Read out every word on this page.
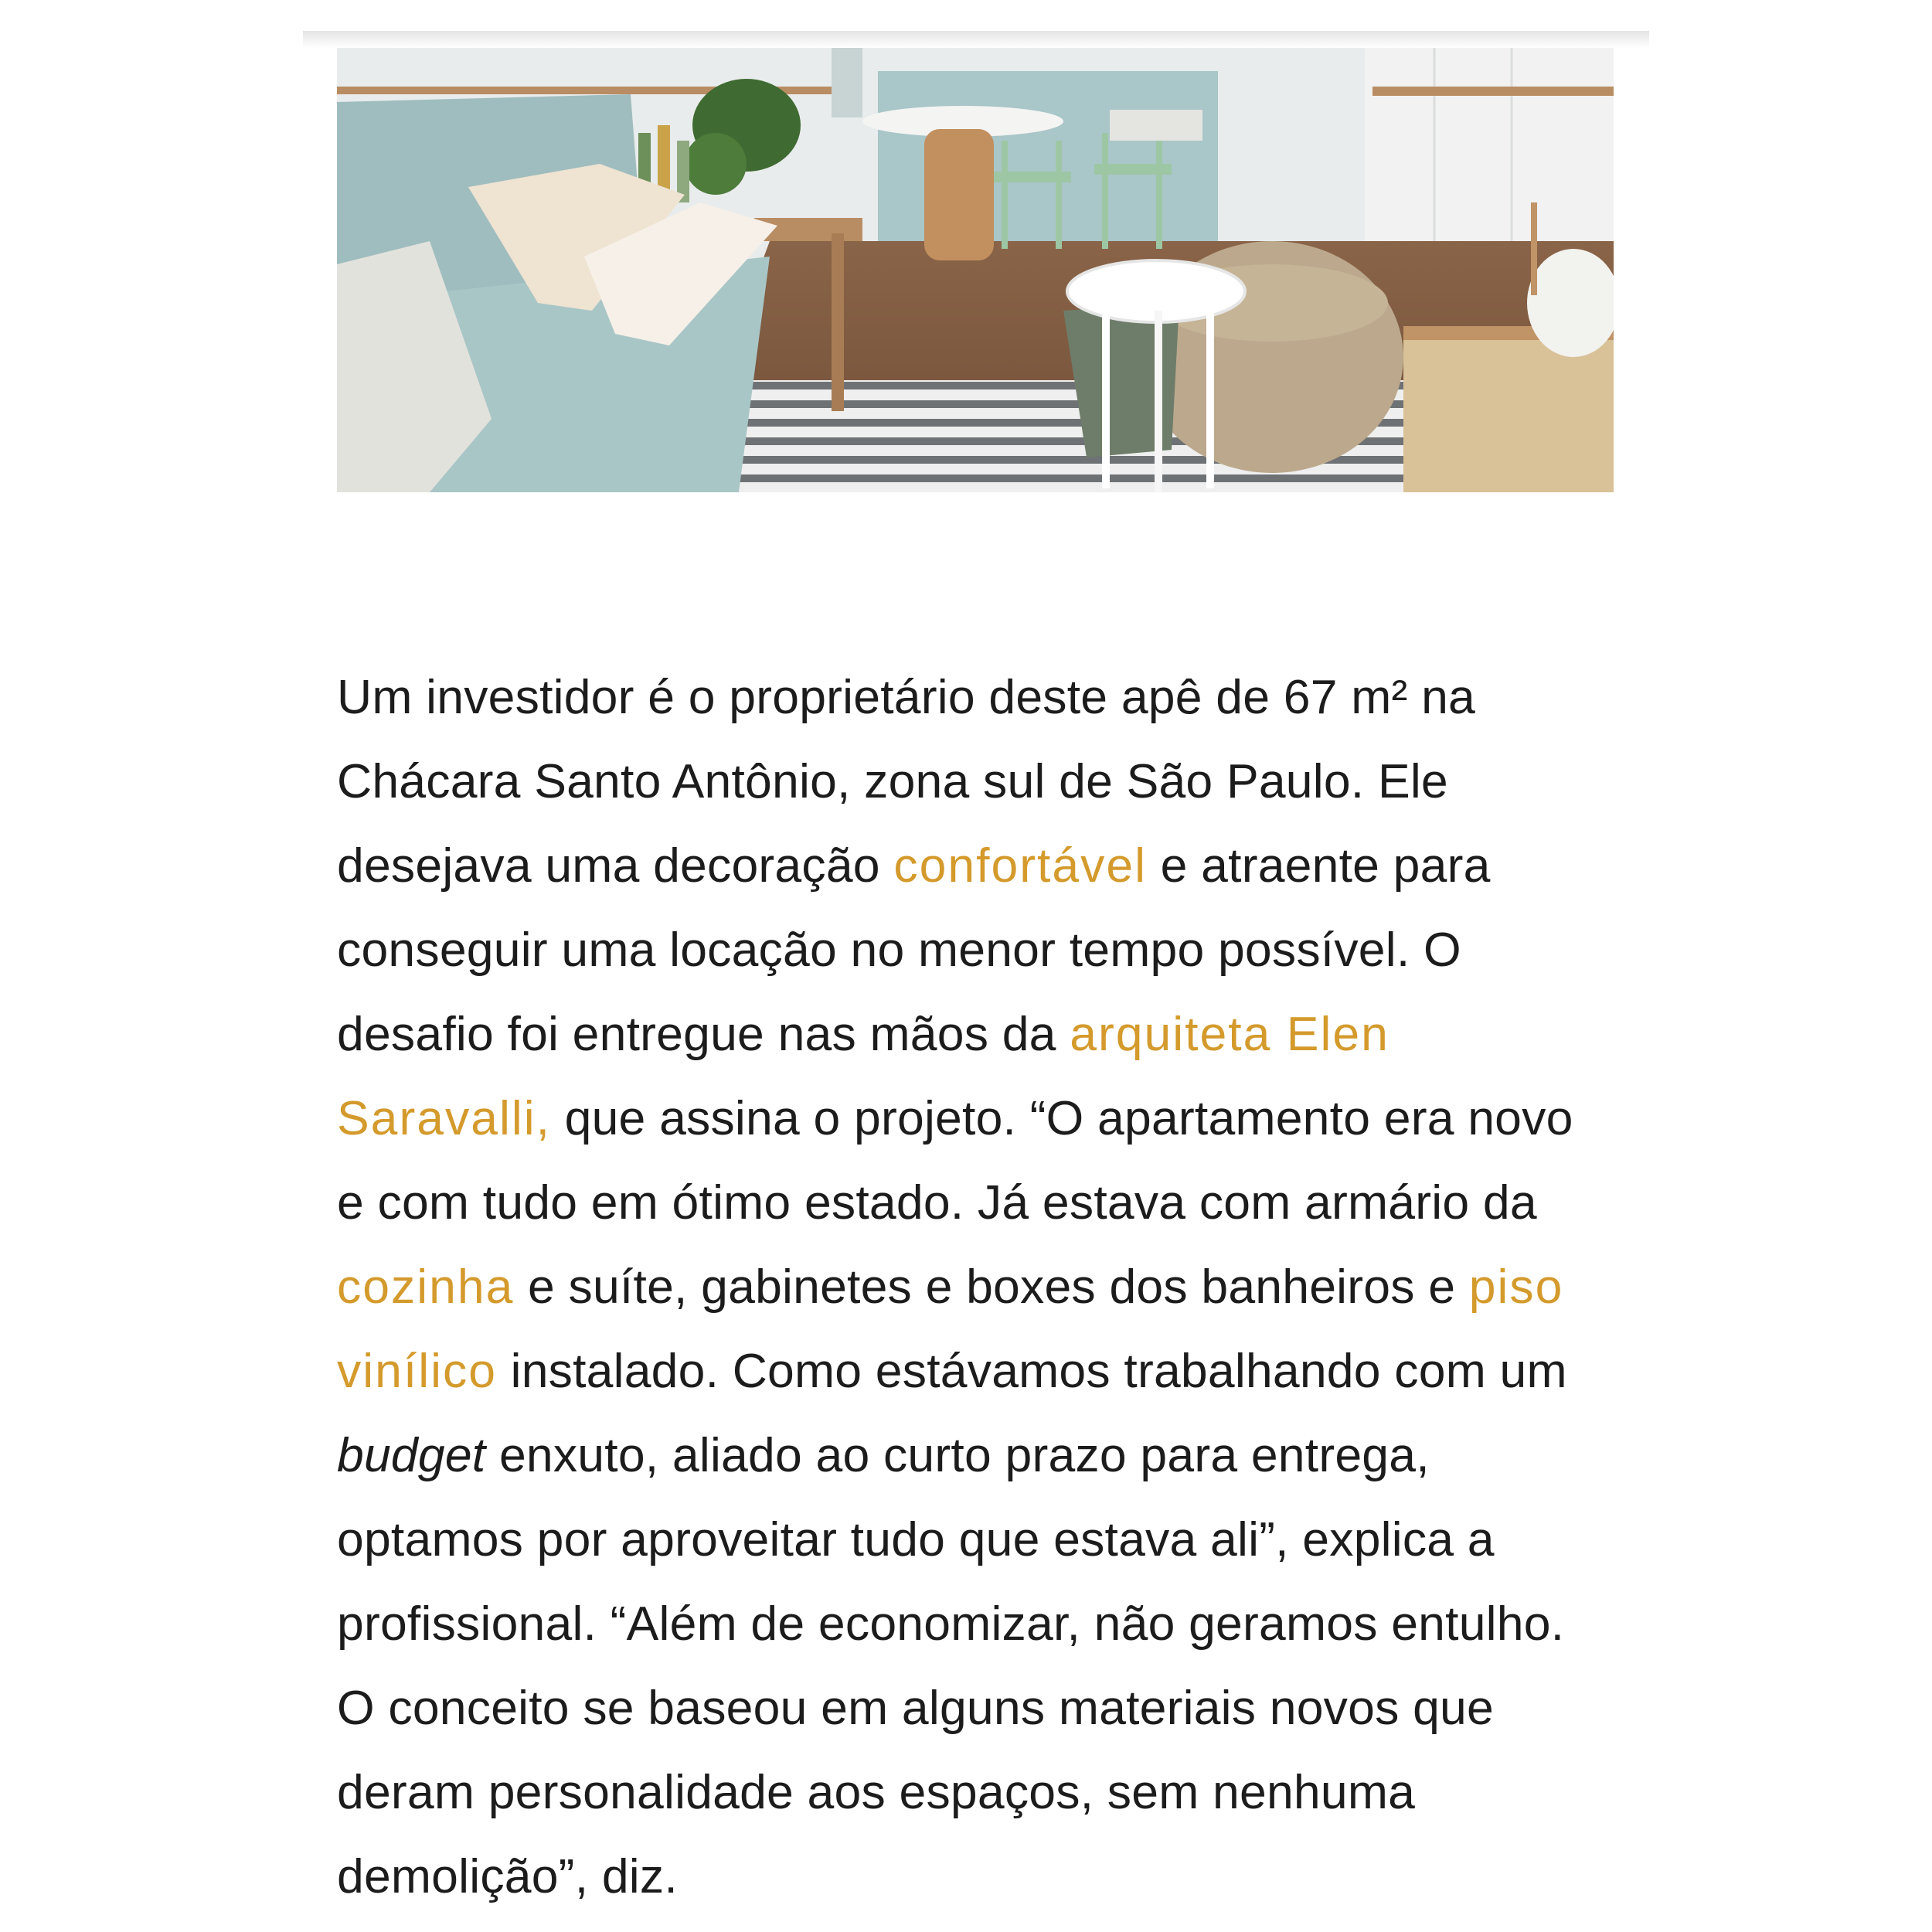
Um investidor é o proprietário deste apê de 67 m² na Chácara Santo Antônio, zona sul de São Paulo. Ele desejava uma decoração confortável e atraente para conseguir uma locação no menor tempo possível. O desafio foi entregue nas mãos da arquiteta Elen Saravalli, que assina o projeto. “O apartamento era novo e com tudo em ótimo estado. Já estava com armário da cozinha e suíte, gabinetes e boxes dos banheiros e piso vinílico instalado. Como estávamos trabalhando com um budget enxuto, aliado ao curto prazo para entrega, optamos por aproveitar tudo que estava ali”, explica a profissional. “Além de economizar, não geramos entulho. O conceito se baseou em alguns materiais novos que deram personalidade aos espaços, sem nenhuma demolição”, diz.
